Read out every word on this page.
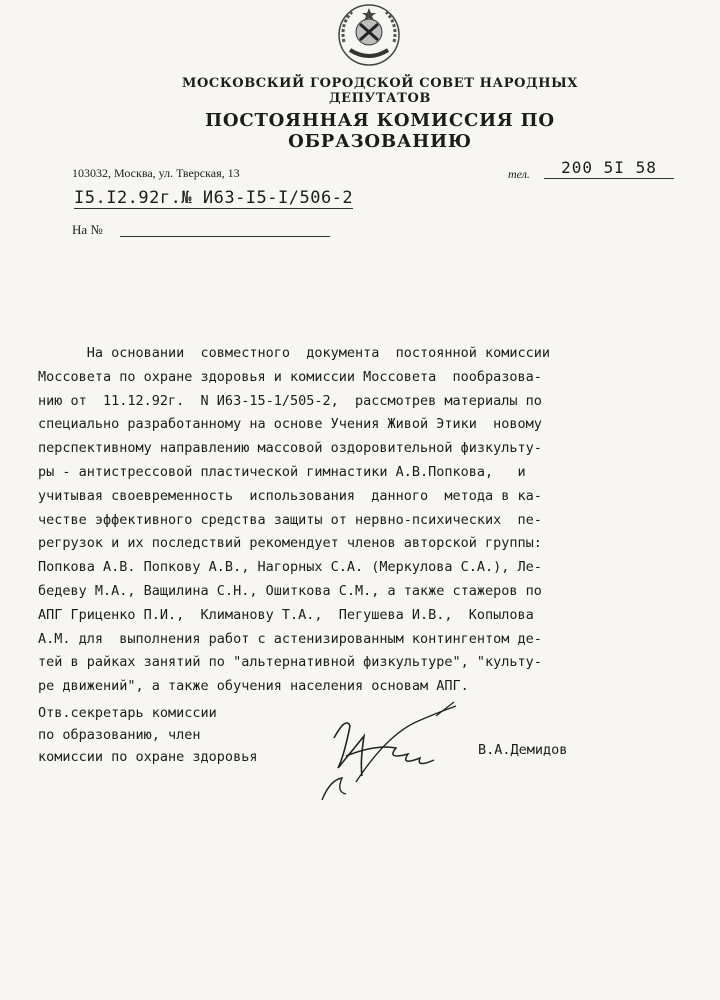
МОСКОВСКИЙ ГОРОДСКОЙ СОВЕТ НАРОДНЫХ ДЕПУТАТОВ
ПОСТОЯННАЯ КОМИССИЯ ПО ОБРАЗОВАНИЮ
103032, Москва, ул. Тверская, 13	тел.	200 5I 58
I5.I2.92г.№ И63-I5-I/506-2
На №
На основании  совместного  документа  постоянной комиссии
Моссовета по охране здоровья и комиссии Моссовета  пообразова-
нию от  11.12.92г.  N И63-15-1/505-2,  рассмотрев материалы по
специально разработанному на основе Учения Живой Этики  новому
перспективному направлению массовой оздоровительной физкульту-
ры - антистрессовой пластической гимнастики А.В.Попкова,   и
учитывая своевременность  использования  данного  метода в ка-
честве эффективного средства защиты от нервно-психических  пе-
регрузок и их последствий рекомендует членов авторской группы:
Попкова А.В. Попкову А.В., Нагорных С.А. (Меркулова С.А.), Ле-
бедеву М.А., Ващилина С.Н., Ошиткова С.М., а также стажеров по
АПГ Гриценко П.И.,  Климанову Т.А.,  Пегушева И.В.,  Копылова
А.М. для  выполнения работ с астенизированным контингентом де-
тей в райках занятий по "альтернативной физкультуре", "культу-
ре движений", а также обучения населения основам АПГ.
Отв.секретарь комиссии
по образованию, член
комиссии по охране здоровья	В.А.Демидов
